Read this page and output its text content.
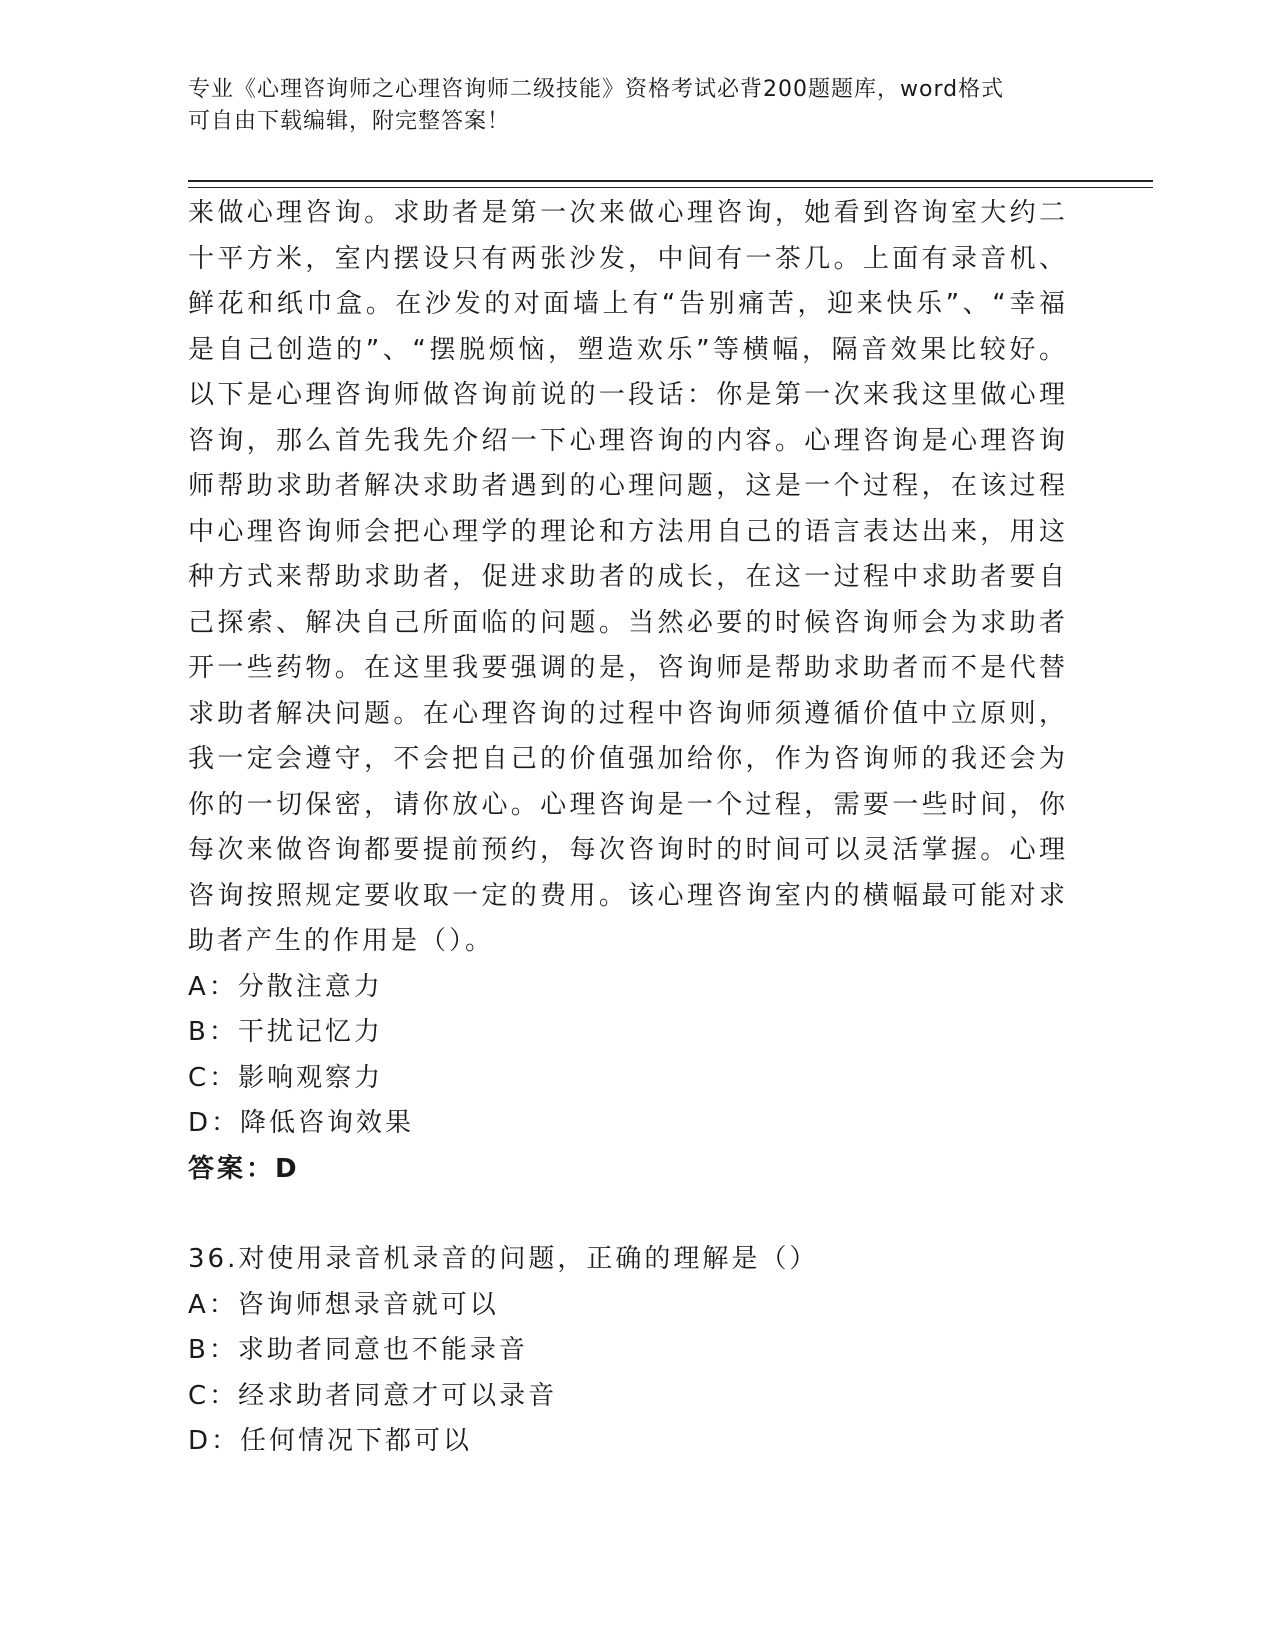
专业《心理咨询师之心理咨询师二级技能》资格考试必背200题题库，word格式
可自由下载编辑，附完整答案！

来做心理咨询。求助者是第一次来做心理咨询，她看到咨询室大约二十平方米，室内摆设只有两张沙发，中间有一茶几。上面有录音机、鲜花和纸巾盒。在沙发的对面墙上有“告别痛苦，迎来快乐”、“幸福是自己创造的”、“摆脱烦恼，塑造欢乐”等横幅，隔音效果比较好。以下是心理咨询师做咨询前说的一段话：你是第一次来我这里做心理咨询，那么首先我先介绍一下心理咨询的内容。心理咨询是心理咨询师帮助求助者解决求助者遇到的心理问题，这是一个过程，在该过程中心理咨询师会把心理学的理论和方法用自己的语言表达出来，用这种方式来帮助求助者，促进求助者的成长，在这一过程中求助者要自己探索、解决自己所面临的问题。当然必要的时候咨询师会为求助者开一些药物。在这里我要强调的是，咨询师是帮助求助者而不是代替求助者解决问题。在心理咨询的过程中咨询师须遵循价值中立原则，我一定会遵守，不会把自己的价值强加给你，作为咨询师的我还会为你的一切保密，请你放心。心理咨询是一个过程，需要一些时间，你每次来做咨询都要提前预约，每次咨询时的时间可以灵活掌握。心理咨询按照规定要收取一定的费用。该心理咨询室内的横幅最可能对求助者产生的作用是（）。

A：分散注意力

B：干扰记忆力

C：影响观察力

D：降低咨询效果

答案：D

36.对使用录音机录音的问题，正确的理解是（）

A：咨询师想录音就可以

B：求助者同意也不能录音

C：经求助者同意才可以录音

D：任何情况下都可以
